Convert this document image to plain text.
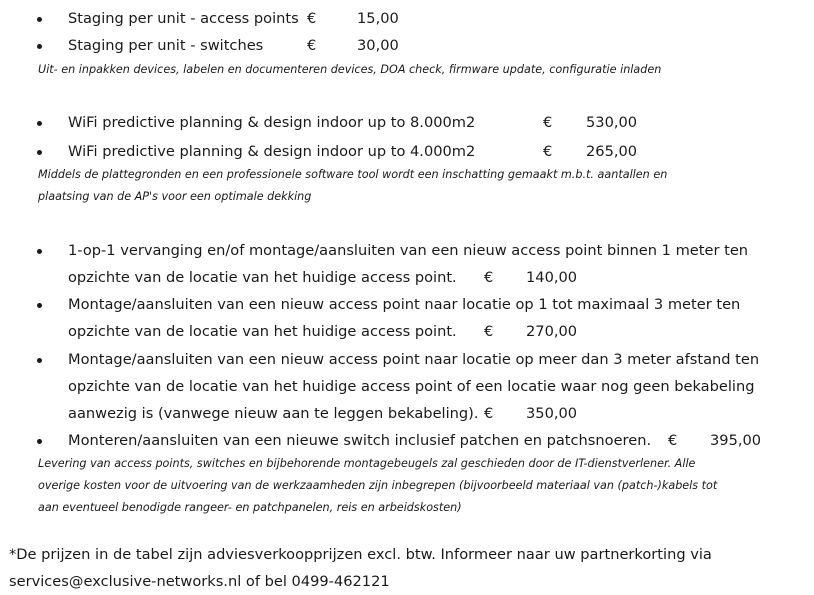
Staging per unit - access points €	15,00
Staging per unit - switches	€	30,00
Uit- en inpakken devices, labelen en documenteren devices, DOA check, firmware update, configuratie inladen
WiFi predictive planning & design indoor up to 8.000m2	€ 530,00
WiFi predictive planning & design indoor up to 4.000m2	€ 265,00
Middels de plattegronden en een professionele software tool wordt een inschatting gemaakt m.b.t. aantallen en
plaatsing van de AP's voor een optimale dekking
1-op-1 vervanging en/of montage/aansluiten van een nieuw access point binnen 1 meter ten
opzichte van de locatie van het huidige access point. € 140,00
Montage/aansluiten van een nieuw access point naar locatie op 1 tot maximaal 3 meter ten
opzichte van de locatie van het huidige access point. € 270,00
Montage/aansluiten van een nieuw access point naar locatie op meer dan 3 meter afstand ten
opzichte van de locatie van het huidige access point of een locatie waar nog geen bekabeling
aanwezig is (vanwege nieuw aan te leggen bekabeling). € 350,00
Monteren/aansluiten van een nieuwe switch inclusief patchen en patchsnoeren. € 395,00
Levering van access points, switches en bijbehorende montagebeugels zal geschieden door de IT-dienstverlener. Alle
overige kosten voor de uitvoering van de werkzaamheden zijn inbegrepen (bijvoorbeeld materiaal van (patch-)kabels tot
aan eventueel benodigde rangeer- en patchpanelen, reis en arbeidskosten)
*De prijzen in de tabel zijn adviesverkoopprijzen excl. btw. Informeer naar uw partnerkorting via
services@exclusive-networks.nl of bel 0499-462121
